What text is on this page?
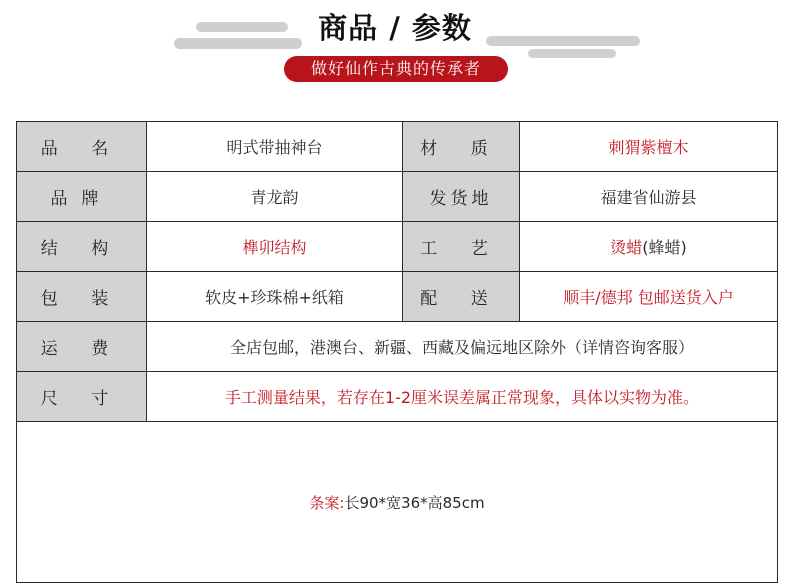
商品 / 参数
做好仙作古典的传承者
品 名	明式带抽神台	材 质	刺猬紫檀木
品牌	青龙韵	发货地	福建省仙游县
结 构	榫卯结构	工 艺	烫蜡 (蜂蜡)
包 装	软皮+珍珠棉+纸箱	配 送	顺丰/德邦 包邮送货入户
运 费	全店包邮，港澳台、新疆、西藏及偏远地区除外（详情咨询客服）
尺 寸	手工测量结果，若存在1-2厘米误差属正常现象，具体以实物为准。
条案: 长90*宽36*高85cm
